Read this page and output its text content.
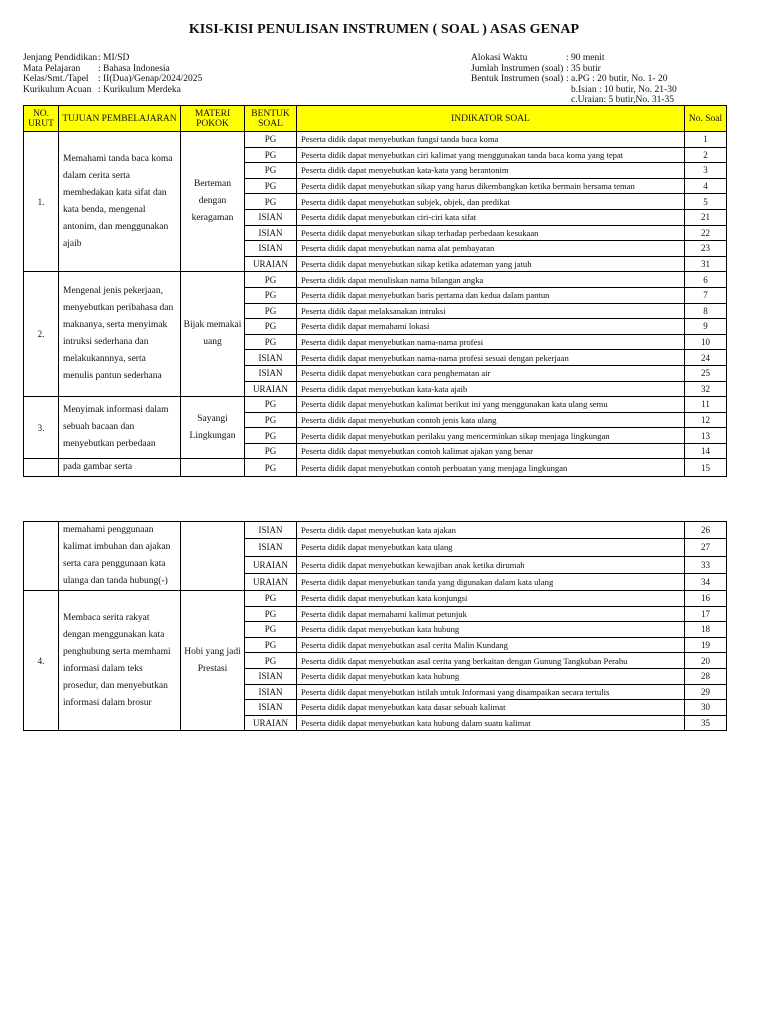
KISI-KISI PENULISAN INSTRUMEN ( SOAL ) ASAS GENAP
Jenjang Pendidikan : MI/SD
Mata Pelajaran	: Bahasa Indonesia
Kelas/Smt./Tapel : II(Dua)/Genap/2024/2025
Kurikulum Acuan : Kurikulum Merdeka
Alokasi Waktu	: 90 menit
Jumlah Instrumen (soal) : 35 butir
Bentuk Instrumen (soal) : a.PG : 20 butir, No. 1- 20
b.Isian : 10 butir, No. 21-30
c.Uraian: 5 butir,No. 31-35
NO. URUT	TUJUAN PEMBELAJARAN	MATERI POKOK	BENTUK SOAL	INDIKATOR SOAL	No. Soal
1.	Memahami tanda baca koma dalam cerita serta membedakan kata sifat dan kata benda, mengenal antonim, dan menggunakan ajaib	Berteman dengan keragaman	PG	Peserta didik dapat menyebutkan fungsi tanda baca koma	1
			PG	Peserta didik dapat menyebutkan ciri kalimat yang menggunakan tanda baca koma yang tepat	2
			PG	Peserta didik dapat menyebutkan kata-kata yang berantonim	3
			PG	Peserta didik dapat menyebutkan sikap yang harus dikembangkan ketika bermain bersama teman	4
			PG	Peserta didik dapat menyebutkan subjek, objek, dan predikat	5
			ISIAN	Peserta didik dapat menyebutkan ciri-ciri kata sifat	21
			ISIAN	Peserta didik dapat menyebutkan sikap terhadap perbedaan kesukaan	22
			ISIAN	Peserta didik dapat menyebutkan nama alat pembayaran	23
			URAIAN	Peserta didik dapat menyebutkan sikap ketika adateman yang jatuh	31
2.	Mengenal jenis pekerjaan, menyebutkan peribahasa dan maknanya, serta menyimak intruksi sederhana dan melakukannnya, serta menulis pantun sederhana	Bijak memakai uang	PG	Peserta didik dapat menuliskan nama bilangan angka	6
			PG	Peserta didik dapat menyebutkan baris pertama dan kedua dalam pantun	7
			PG	Peserta didik dapat melaksanakan intruksi	8
			PG	Peserta didik dapat memahami lokasi	9
			PG	Peserta didik dapat menyebutkan nama-nama profesi	10
			ISIAN	Peserta didik dapat menyebutkan nama-nama profesi sesuai dengan pekerjaan	24
			ISIAN	Peserta didik dapat menyebutkan cara penghematan air	25
			URAIAN	Peserta didik dapat menyebutkan kata-kata ajaib	32
3.	Menyimak informasi dalam sebuah bacaan dan menyebutkan perbedaan	Sayangi Lingkungan	PG	Peserta didik dapat menyebutkan kalimat berikut ini yang menggunakan kata ulang semu	11
			PG	Peserta didik dapat menyebutkan contoh jenis kata ulang	12
			PG	Peserta didik dapat menyebutkan perilaku yang mencerminkan sikap menjaga lingkungan	13
			PG	Peserta didik dapat menyebutkan contoh kalimat ajakan yang benar	14
	pada gambar serta		PG	Peserta didik dapat menyebutkan contoh perbuatan yang menjaga lingkungan	15
	memahami penggunaan kalimat imbuhan dan ajakan serta cara penggunaan kata ulanga dan tanda hubung(-)		ISIAN	Peserta didik dapat menyebutkan kata ajakan	26
			ISIAN	Peserta didik dapat menyebutkan kata ulang	27
			URAIAN	Peserta didik dapat menyebutkan kewajiban anak ketika dirumah	33
			URAIAN	Peserta didik dapat menyebutkan tanda yang digunakan dalam kata ulang	34
4.	Membaca serita rakyat dengan menggunakan kata penghubung serta memhami informasi dalam teks prosedur, dan menyebutkan informasi dalam brosur	Hobi yang jadi Prestasi	PG	Peserta didik dapat menyebutkan kata konjungsi	16
			PG	Peserta didik dapat memahami kalimat petunjuk	17
			PG	Peserta didik dapat menyebutkan kata hubung	18
			PG	Peserta didik dapat menyebutkan asal cerita Malin Kundang	19
			PG	Peserta didik dapat menyebutkan asal cerita yang berkaitan dengan Gunung Tangkuban Perahu	20
			ISIAN	Peserta didik dapat menyebutkan kata hubung	28
			ISIAN	Peserta didik dapat menyebutkan istilah untuk Informasi yang disampaikan secara tertulis	29
			ISIAN	Peserta didik dapat menyebutkan kata dasar sebuah kalimat	30
			URAIAN	Peserta didik dapat menyebutkan kata hubung dalam suatu kalimat	35
